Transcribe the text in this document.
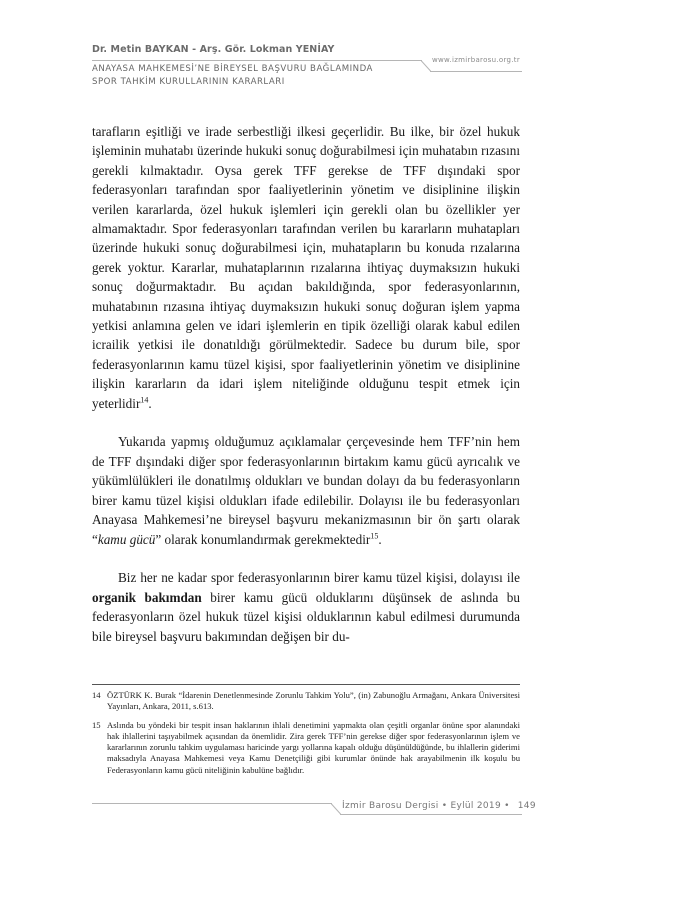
Dr. Metin BAYKAN - Arş. Gör. Lokman YENİAY
www.izmirbarosu.org.tr
ANAYASA MAHKEMESİ’NE BİREYSEL BAŞVURU BAĞLAMINDA
SPOR TAHKİM KURULLARININ KARARLARI

tarafların eşitliği ve irade serbestliği ilkesi geçerlidir. Bu ilke, bir özel hukuk işleminin muhatabı üzerinde hukuki sonuç doğurabilmesi için muhatabın rızasını gerekli kılmaktadır. Oysa gerek TFF gerekse de TFF dışındaki spor federasyonları tarafından spor faaliyetlerinin yönetim ve disiplinine ilişkin verilen kararlarda, özel hukuk işlemleri için gerekli olan bu özellikler yer almamaktadır. Spor federasyonları tarafından verilen bu kararların muhatapları üzerinde hukuki sonuç doğurabilmesi için, muhatapların bu konuda rızalarına gerek yoktur. Kararlar, muhataplarının rızalarına ihtiyaç duymaksızın hukuki sonuç doğurmaktadır. Bu açıdan bakıldığında, spor federasyonlarının, muhatabının rızasına ihtiyaç duymaksızın hukuki sonuç doğuran işlem yapma yetkisi anlamına gelen ve idari işlemlerin en tipik özelliği olarak kabul edilen icrailik yetkisi ile donatıldığı görülmektedir. Sadece bu durum bile, spor federasyonlarının kamu tüzel kişisi, spor faaliyetlerinin yönetim ve disiplinine ilişkin kararların da idari işlem niteliğinde olduğunu tespit etmek için yeterlidir$^{14}$.

Yukarıda yapmış olduğumuz açıklamalar çerçevesinde hem TFF’nin hem de TFF dışındaki diğer spor federasyonlarının birtakım kamu gücü ayrıcalık ve yükümlülükleri ile donatılmış oldukları ve bundan dolayı da bu federasyonların birer kamu tüzel kişisi oldukları ifade edilebilir. Dolayısı ile bu federasyonları Anayasa Mahkemesi’ne bireysel başvuru mekanizmasının bir ön şartı olarak “kamu gücü” olarak konumlandırmak gerekmektedir$^{15}$.

Biz her ne kadar spor federasyonlarının birer kamu tüzel kişisi, dolayısı ile organik bakımdan birer kamu gücü olduklarını düşünsek de aslında bu federasyonların özel hukuk tüzel kişisi olduklarının kabul edilmesi durumunda bile bireysel başvuru bakımından değişen bir du-

14 ÖZTÜRK K. Burak “İdarenin Denetlenmesinde Zorunlu Tahkim Yolu”, (in) Zabunoğlu Armağanı, Ankara Üniversitesi Yayınları, Ankara, 2011, s.613.
15 Aslında bu yöndeki bir tespit insan haklarının ihlali denetimini yapmakta olan çeşitli organlar önüne spor alanındaki hak ihlallerini taşıyabilmek açısından da önemlidir. Zira gerek TFF’nin gerekse diğer spor federasyonlarının işlem ve kararlarının zorunlu tahkim uygulaması haricinde yargı yollarına kapalı olduğu düşünüldüğünde, bu ihlallerin giderimi maksadıyla Anayasa Mahkemesi veya Kamu Denetçiliği gibi kurumlar önünde hak arayabilmenin ilk koşulu bu Federasyonların kamu gücü niteliğinin kabulüne bağlıdır.
İzmir Barosu Dergisi • Eylül 2019 • 149
